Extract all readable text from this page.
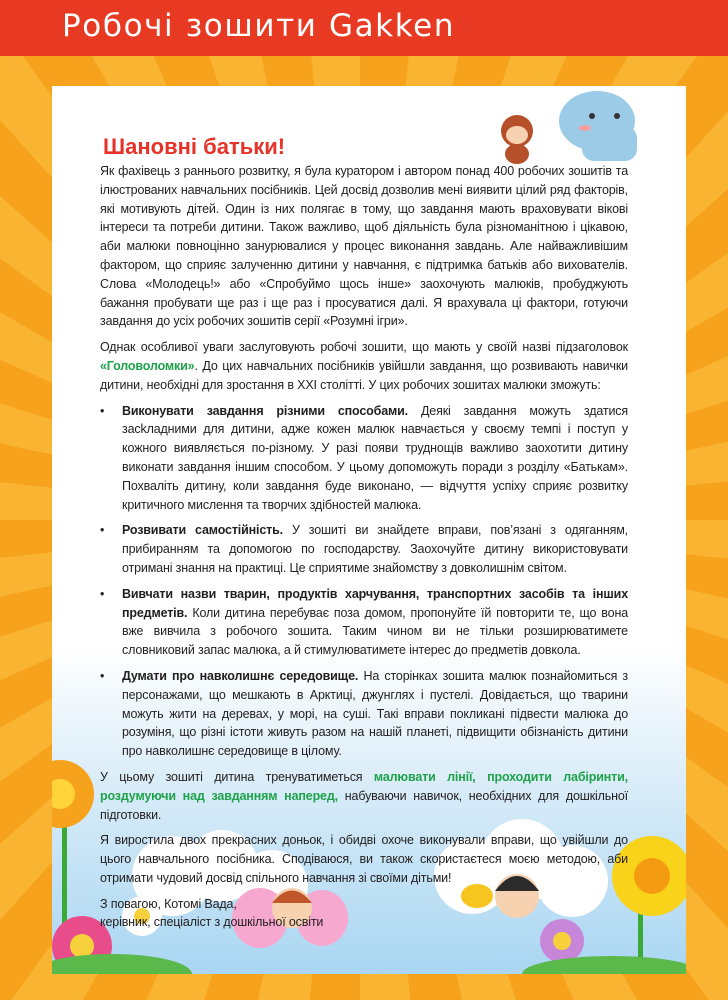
Робочі зошити Gakken
Шановні батьки!

Як фахівець з раннього розвитку, я була куратором і автором понад 400 робочих зошитів та ілюстрованих навчальних посібників. Цей досвід дозволив мені виявити цілий ряд факторів, які мотивують дітей. Один із них полягає в тому, що завдання мають враховувати вікові інтереси та потреби дитини. Також важливо, щоб діяльність була різноманітною і цікавою, аби малюки повноцінно занурювалися у процес виконання завдань. Але найважливішим фактором, що сприяє залученню дитини у навчання, є підтримка батьків або вихователів. Слова «Молодець!» або «Спробуймо щось інше» заохочують малюків, пробуджують бажання пробувати ще раз і ще раз і просуватися далі. Я врахувала ці фактори, готуючи завдання до усіх робочих зошитів серії «Розумні ігри».

Однак особливої уваги заслуговують робочі зошити, що мають у своїй назві підзаголовок «Головоломки». До цих навчальних посібників увійшли завдання, що розвивають навички дитини, необхідні для зростання в XXI столітті. У цих робочих зошитах малюки зможуть:

• Виконувати завдання різними способами. Деякі завдання можуть здатися засkладними для дитини, адже кожен малюк навчається у своєму темпі і поступ у кожного виявляється по-різному. У разі появи труднощів важливо заохотити дитину виконати завдання іншим способом. У цьому допоможуть поради з розділу «Батькам». Похваліть дитину, коли завдання буде виконано, — відчуття успіху сприяє розвитку критичного мислення та творчих здібностей малюка.
• Розвивати самостійність. У зошиті ви знайдете вправи, пов’язані з одяганням, прибиранням та допомогою по господарству. Заохочуйте дитину використовувати отримані знання на практиці. Це сприятиме знайомству з довколишнім світом.
• Вивчати назви тварин, продуктів харчування, транспортних засобів та інших предметів. Коли дитина перебуває поза домом, пропонуйте їй повторити те, що вона вже вивчила з робочого зошита. Таким чином ви не тільки розширюватимете словниковий запас малюка, а й стимулюватимете інтерес до предметів довкола.
• Думати про навколишнє середовище. На сторінках зошита малюк познайомиться з персонажами, що мешкають в Арктиці, джунглях і пустелі. Довідається, що тварини можуть жити на деревах, у морі, на суші. Такі вправи покликані підвести малюка до розуміня, що різні істоти живуть разом на нашій планеті, підвищити обізнаність дитини про навколишнє середовище в цілому.

У цьому зошиті дитина тренуватиметься малювати лінії, проходити лабіринти, роздумуючи над завданням наперед, набуваючи навичок, необхідних для дошкільної підготовки.

Я виростила двох прекрасних доньок, і обидві охоче виконували вправи, що увійшли до цього навчального посібника. Сподіваюся, ви також скористаєтеся моєю методою, аби отримати чудовий досвід спільного навчання зі своїми дітьми!

З повагою, Котомі Вада,
керівник, спеціаліст з дошкільної освіти
